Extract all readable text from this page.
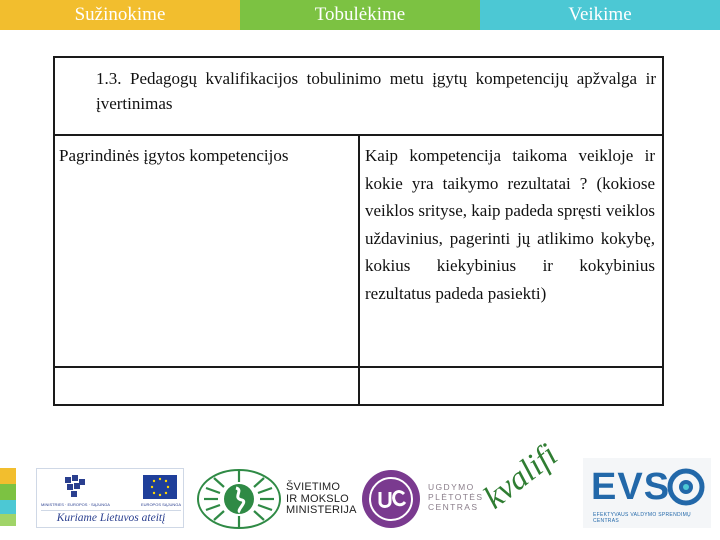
Sužinokime	Tobulėkime	Veikime
1.3. Pedagogų kvalifikacijos tobulinimo metu įgytų kompetencijų apžvalga ir įvertinimas
Pagrindinės įgytos kompetencijos	Kaip kompetencija taikoma veikloje ir kokie yra taikymo rezultatai ? (kokiose veiklos srityse, kaip padeda spręsti veiklos uždavinius, pagerinti jų atlikimo kokybę, kokius kiekybinius ir kokybinius rezultatus padeda pasiekti)
MINISTRIES · EUROPOS · SĄJUNGA	EUROPOS SĄJUNGA
Kuriame Lietuvos ateitį
ŠVIETIMO
IR MOKSLO
MINISTERIJA
UGDYMO
PLĖTOTĖS
CENTRAS
kvalifi EVS
EFEKTYVAUS VALDYMO SPRENDIMŲ CENTRAS
